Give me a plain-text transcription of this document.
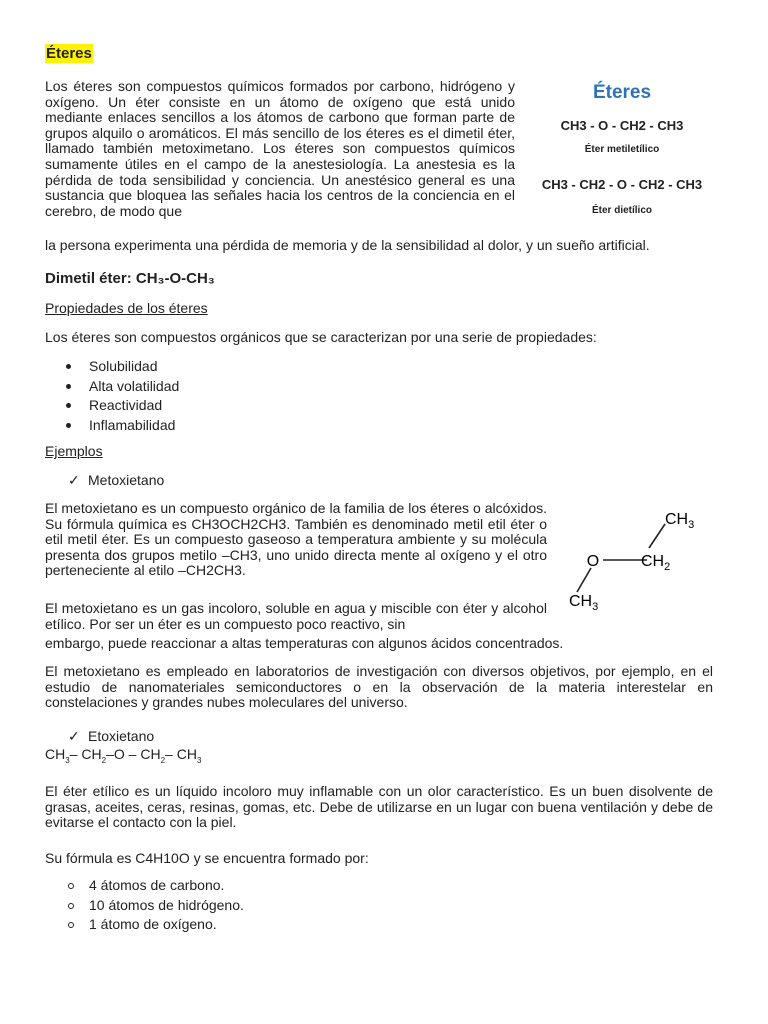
Éteres

Los éteres son compuestos químicos formados por carbono, hidrógeno y oxígeno. Un éter consiste en un átomo de oxígeno que está unido mediante enlaces sencillos a los átomos de carbono que forman parte de grupos alquilo o aromáticos. El más sencillo de los éteres es el dimetil éter, llamado también metoximetano. Los éteres son compuestos químicos sumamente útiles en el campo de la anestesiología. La anestesia es la pérdida de toda sensibilidad y conciencia. Un anestésico general es una sustancia que bloquea las señales hacia los centros de la conciencia en el cerebro, de modo que

la persona experimenta una pérdida de memoria y de la sensibilidad al dolor, y un sueño artificial.

Éteres
CH3 - O - CH2 - CH3
Éter metiletílico
CH3 - CH2 - O - CH2 - CH3
Éter dietílico
Dimetil éter: CH₃-O-CH₃
Propiedades de los éteres
Los éteres son compuestos orgánicos que se caracterizan por una serie de propiedades:
Solubilidad
Alta volatilidad
Reactividad
Inflamabilidad
Ejemplos
✓ Metoxietano

El metoxietano es un compuesto orgánico de la familia de los éteres o alcóxidos. Su fórmula química es CH3OCH2CH3. También es denominado metil etil éter o etil metil éter. Es un compuesto gaseoso a temperatura ambiente y su molécula presenta dos grupos metilo –CH3, uno unido directa mente al oxígeno y el otro perteneciente al etilo –CH2CH3.

O
$CH_3$
$CH_2$
$CH_3$

El metoxietano es un gas incoloro, soluble en agua y miscible con éter y alcohol etílico. Por ser un éter es un compuesto poco reactivo, sin

embargo, puede reaccionar a altas temperaturas con algunos ácidos concentrados.

El metoxietano es empleado en laboratorios de investigación con diversos objetivos, por ejemplo, en el estudio de nanomateriales semiconductores o en la observación de la materia interestelar en constelaciones y grandes nubes moleculares del universo.

✓ Etoxietano
$CH_3-$ $CH_2-O - CH_2-$ $CH_3$

El éter etílico es un líquido incoloro muy inflamable con un olor característico. Es un buen disolvente de grasas, aceites, ceras, resinas, gomas, etc. Debe de utilizarse en un lugar con buena ventilación y debe de evitarse el contacto con la piel.

Su fórmula es C4H10O y se encuentra formado por:
4 átomos de carbono.
10 átomos de hidrógeno.
1 átomo de oxígeno.
